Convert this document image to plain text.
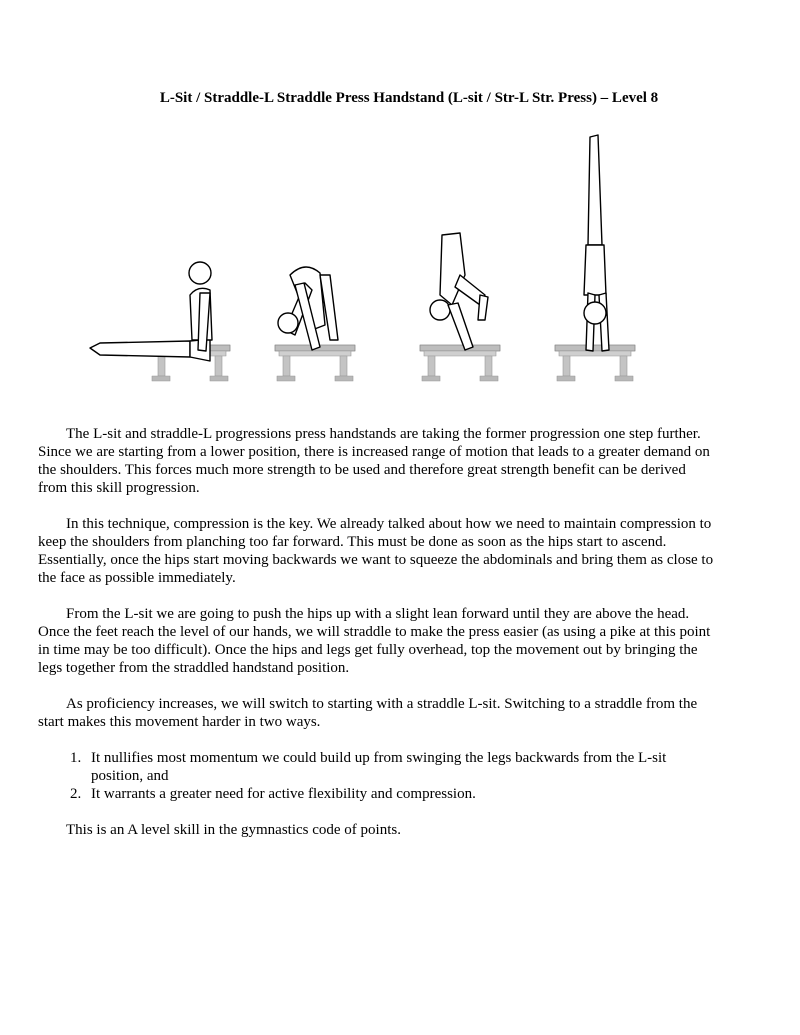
L-Sit / Straddle-L Straddle Press Handstand (L-sit / Str-L Str. Press) – Level 8

The L-sit and straddle-L progressions press handstands are taking the former progression one step further. Since we are starting from a lower position, there is increased range of motion that leads to a greater demand on the shoulders. This forces much more strength to be used and therefore great strength benefit can be derived from this skill progression.

In this technique, compression is the key. We already talked about how we need to maintain compression to keep the shoulders from planching too far forward. This must be done as soon as the hips start to ascend. Essentially, once the hips start moving backwards we want to squeeze the abdominals and bring them as close to the face as possible immediately.

From the L-sit we are going to push the hips up with a slight lean forward until they are above the head. Once the feet reach the level of our hands, we will straddle to make the press easier (as using a pike at this point in time may be too difficult). Once the hips and legs get fully overhead, top the movement out by bringing the legs together from the straddled handstand position.

As proficiency increases, we will switch to starting with a straddle L-sit. Switching to a straddle from the start makes this movement harder in two ways.

1. It nullifies most momentum we could build up from swinging the legs backwards from the L-sit position, and
2. It warrants a greater need for active flexibility and compression.

This is an A level skill in the gymnastics code of points.
